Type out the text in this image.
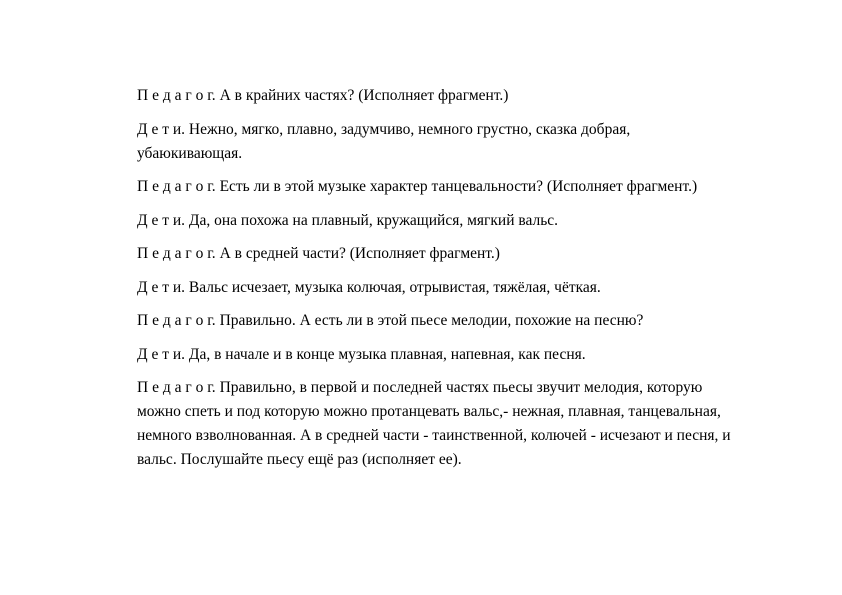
П е д а г о г. А в крайних частях? (Исполняет фрагмент.)

Д е т и. Нежно, мягко, плавно, задумчиво, немного грустно, сказка добрая, убаюкивающая.

П е д а г о г. Есть ли в этой музыке характер танцевальности? (Исполняет фрагмент.)

Д е т и. Да, она похожа на плавный, кружащийся, мягкий вальс.

П е д а г о г. А в средней части? (Исполняет фрагмент.)

Д е т и. Вальс исчезает, музыка колючая, отрывистая, тяжёлая, чёткая.

П е д а г о г. Правильно. А есть ли в этой пьесе мелодии, похожие на песню?

Д е т и. Да, в начале и в конце музыка плавная, напевная, как песня.

П е д а г о г. Правильно, в первой и последней частях пьесы звучит мелодия, которую можно спеть и под которую можно протанцевать вальс,- нежная, плавная, танцевальная, немного взволнованная. А в средней части - таинственной, колючей - исчезают и песня, и вальс. Послушайте пьесу ещё раз (исполняет ее).
